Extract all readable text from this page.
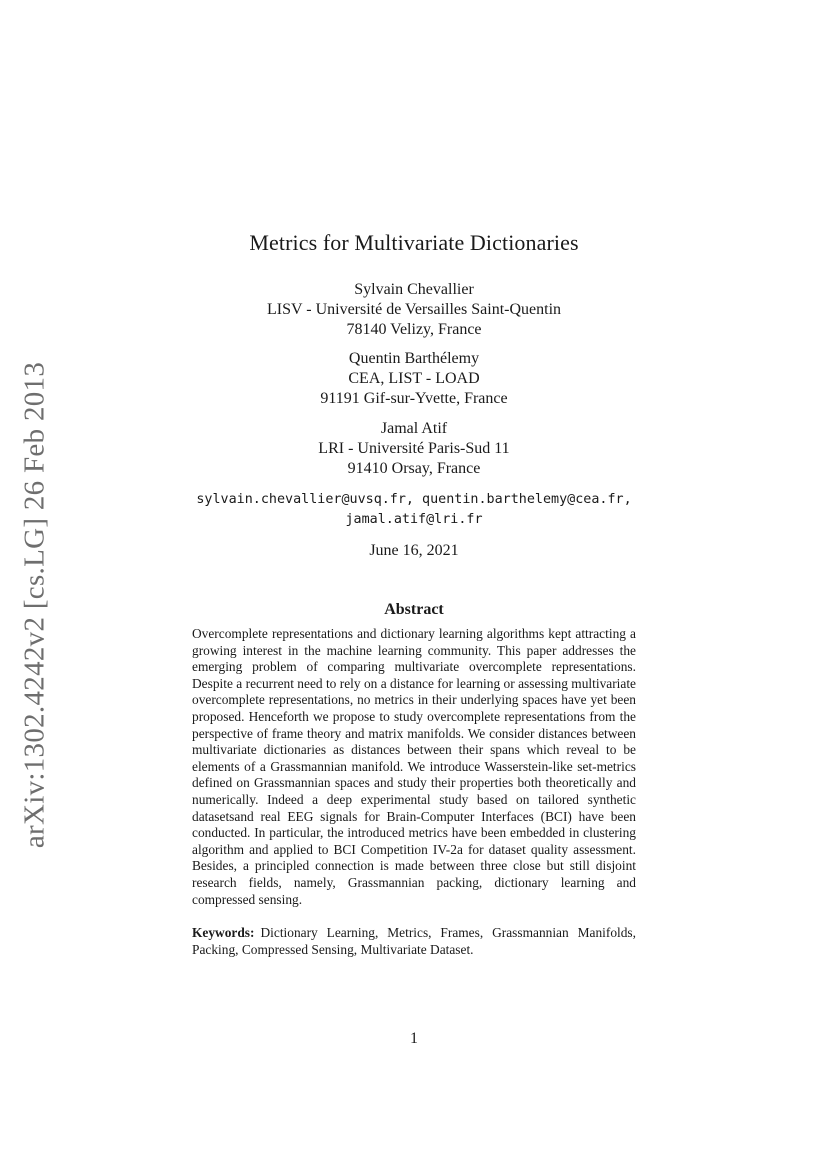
arXiv:1302.4242v2 [cs.LG] 26 Feb 2013
Metrics for Multivariate Dictionaries
Sylvain Chevallier
LISV - Université de Versailles Saint-Quentin
78140 Velizy, France
Quentin Barthélemy
CEA, LIST - LOAD
91191 Gif-sur-Yvette, France
Jamal Atif
LRI - Université Paris-Sud 11
91410 Orsay, France
sylvain.chevallier@uvsq.fr, quentin.barthelemy@cea.fr,
jamal.atif@lri.fr
June 16, 2021
Abstract
Overcomplete representations and dictionary learning algorithms kept attracting a growing interest in the machine learning community. This paper addresses the emerging problem of comparing multivariate overcomplete representations. Despite a recurrent need to rely on a distance for learning or assessing multivariate overcomplete representations, no metrics in their underlying spaces have yet been proposed. Henceforth we propose to study overcomplete representations from the perspective of frame theory and matrix manifolds. We consider distances between multivariate dictionaries as distances between their spans which reveal to be elements of a Grassmannian manifold. We introduce Wasserstein-like set-metrics defined on Grassmannian spaces and study their properties both theoretically and numerically. Indeed a deep experimental study based on tailored synthetic datasetsand real EEG signals for Brain-Computer Interfaces (BCI) have been conducted. In particular, the introduced metrics have been embedded in clustering algorithm and applied to BCI Competition IV-2a for dataset quality assessment. Besides, a principled connection is made between three close but still disjoint research fields, namely, Grassmannian packing, dictionary learning and compressed sensing.
Keywords: Dictionary Learning, Metrics, Frames, Grassmannian Manifolds, Packing, Compressed Sensing, Multivariate Dataset.
1
